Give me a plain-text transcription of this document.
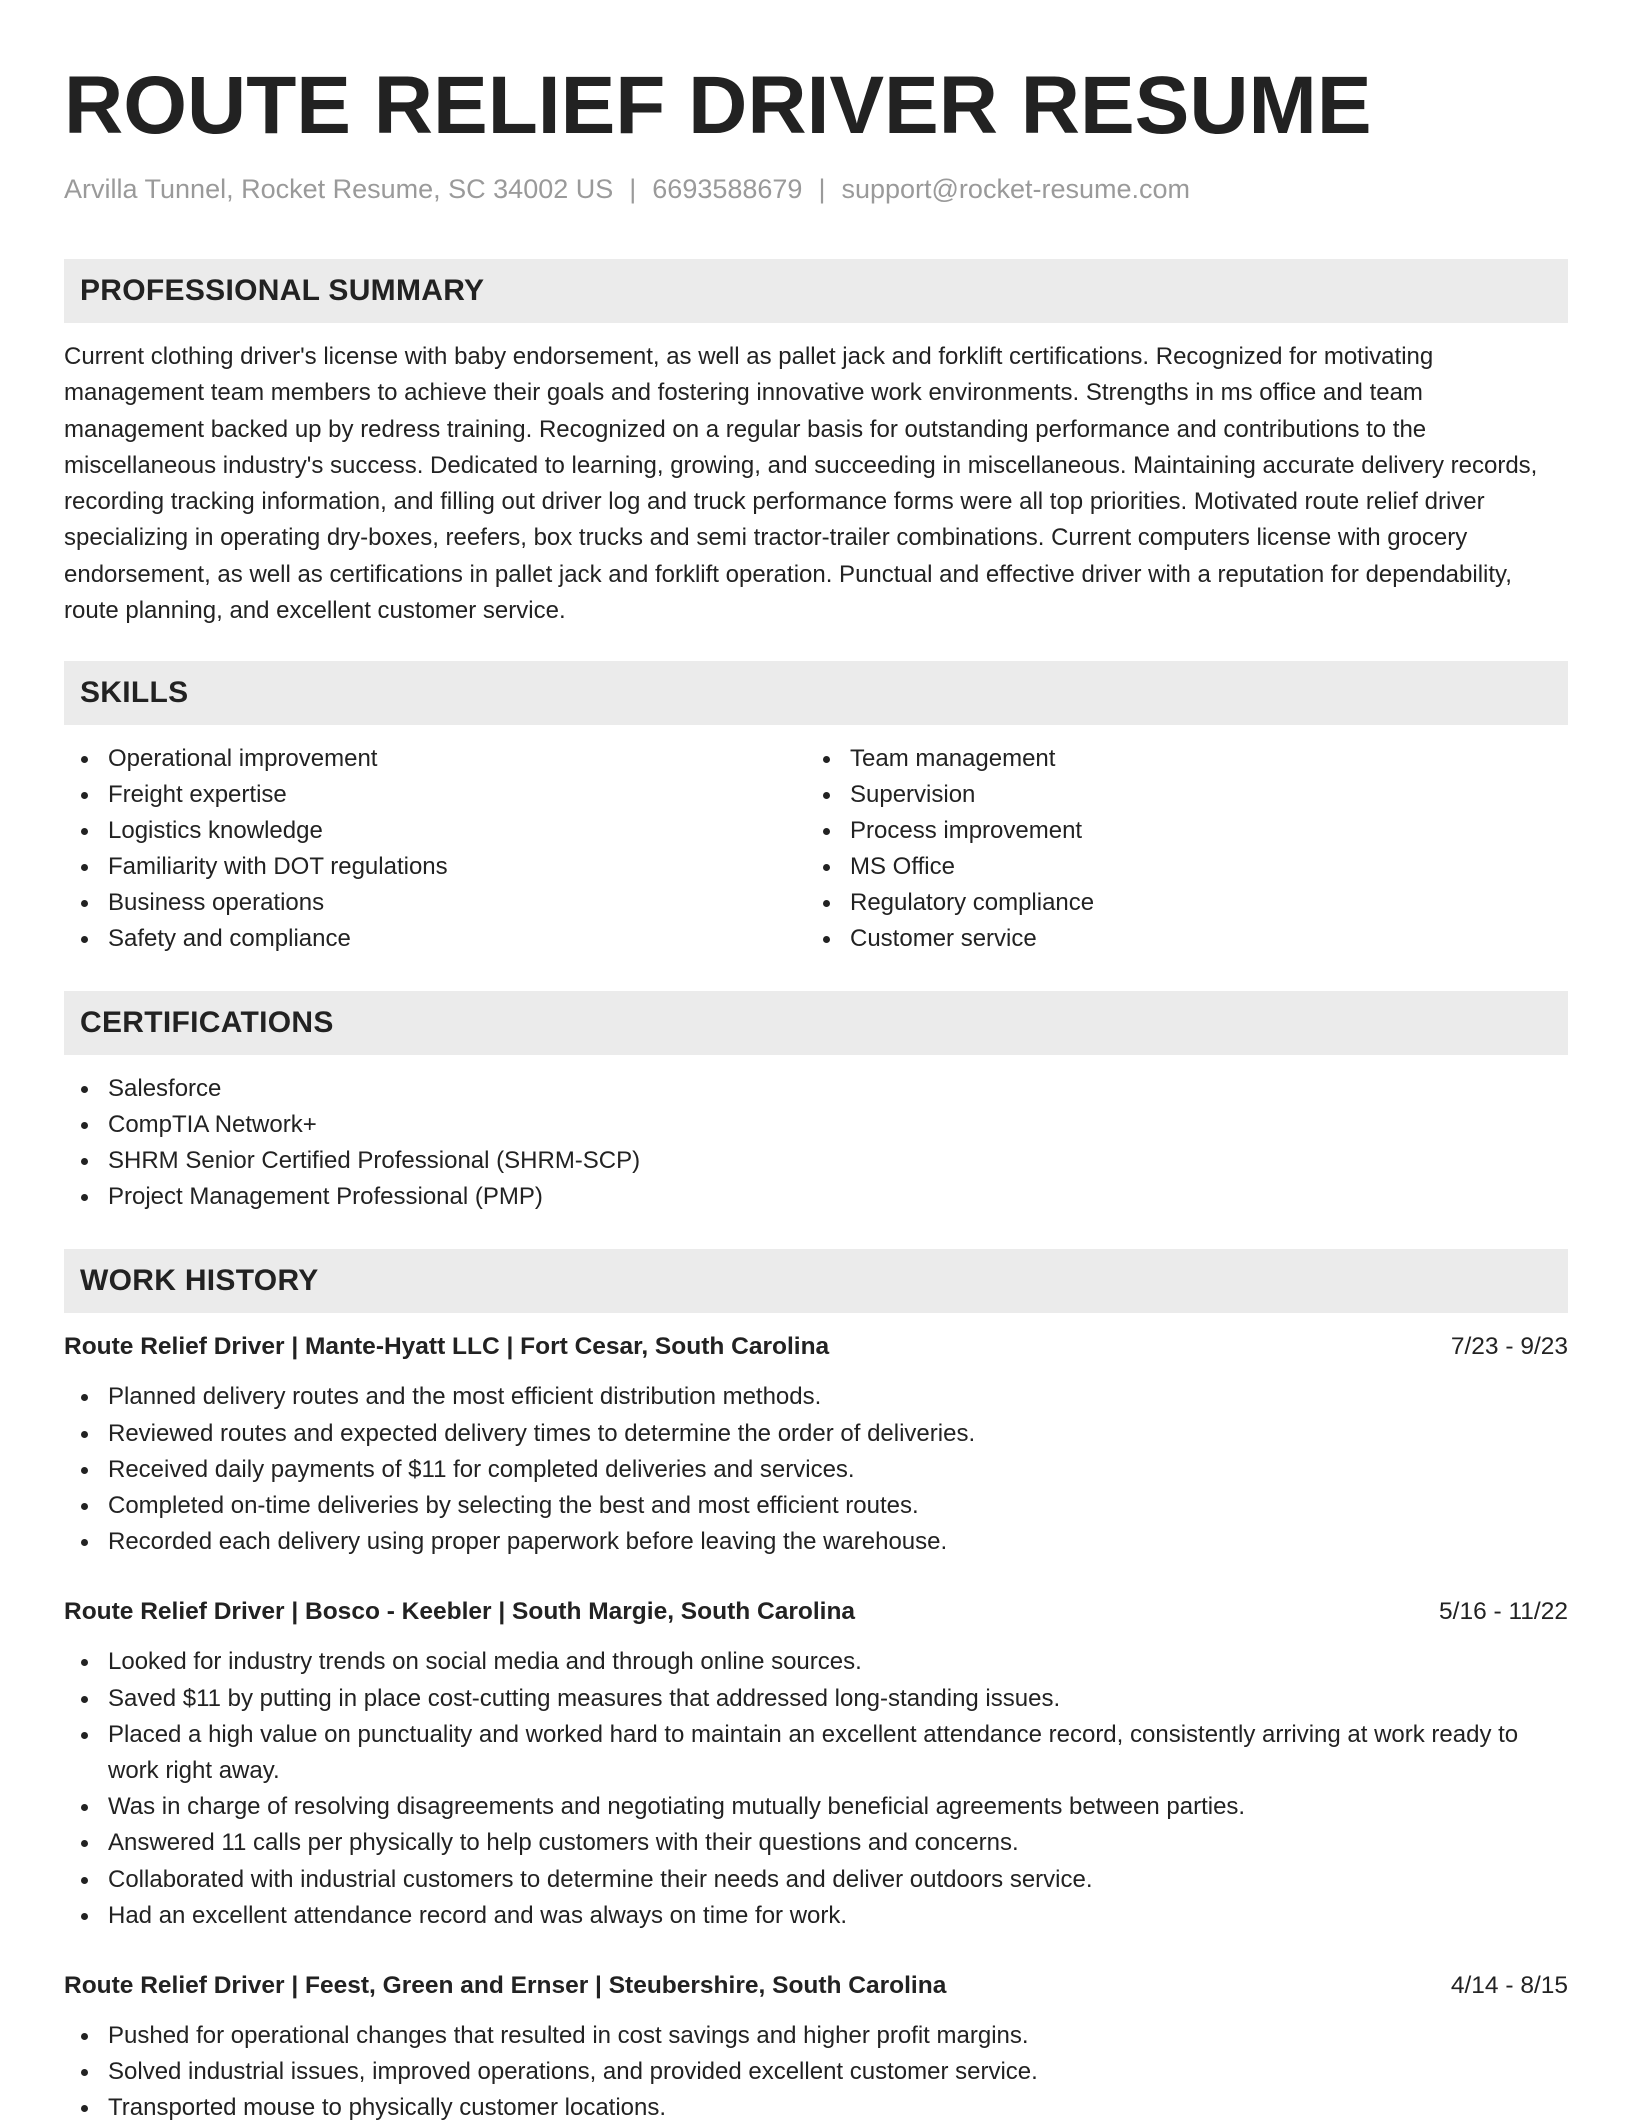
ROUTE RELIEF DRIVER RESUME
Arvilla Tunnel, Rocket Resume, SC 34002 US | 6693588679 | support@rocket-resume.com
PROFESSIONAL SUMMARY

Current clothing driver's license with baby endorsement, as well as pallet jack and forklift certifications. Recognized for motivating management team members to achieve their goals and fostering innovative work environments. Strengths in ms office and team management backed up by redress training. Recognized on a regular basis for outstanding performance and contributions to the miscellaneous industry's success. Dedicated to learning, growing, and succeeding in miscellaneous. Maintaining accurate delivery records, recording tracking information, and filling out driver log and truck performance forms were all top priorities. Motivated route relief driver specializing in operating dry-boxes, reefers, box trucks and semi tractor-trailer combinations. Current computers license with grocery endorsement, as well as certifications in pallet jack and forklift operation. Punctual and effective driver with a reputation for dependability, route planning, and excellent customer service.

SKILLS
Operational improvement
Freight expertise
Logistics knowledge
Familiarity with DOT regulations
Business operations
Safety and compliance
Team management
Supervision
Process improvement
MS Office
Regulatory compliance
Customer service
CERTIFICATIONS
Salesforce
CompTIA Network+
SHRM Senior Certified Professional (SHRM-SCP)
Project Management Professional (PMP)
WORK HISTORY
Route Relief Driver | Mante-Hyatt LLC | Fort Cesar, South Carolina	7/23 - 9/23
Planned delivery routes and the most efficient distribution methods.
Reviewed routes and expected delivery times to determine the order of deliveries.
Received daily payments of $11 for completed deliveries and services.
Completed on-time deliveries by selecting the best and most efficient routes.
Recorded each delivery using proper paperwork before leaving the warehouse.
Route Relief Driver | Bosco - Keebler | South Margie, South Carolina	5/16 - 11/22
Looked for industry trends on social media and through online sources.
Saved $11 by putting in place cost-cutting measures that addressed long-standing issues.
Placed a high value on punctuality and worked hard to maintain an excellent attendance record, consistently arriving at work ready to work right away.
Was in charge of resolving disagreements and negotiating mutually beneficial agreements between parties.
Answered 11 calls per physically to help customers with their questions and concerns.
Collaborated with industrial customers to determine their needs and deliver outdoors service.
Had an excellent attendance record and was always on time for work.
Route Relief Driver | Feest, Green and Ernser | Steubershire, South Carolina	4/14 - 8/15
Pushed for operational changes that resulted in cost savings and higher profit margins.
Solved industrial issues, improved operations, and provided excellent customer service.
Transported mouse to physically customer locations.
